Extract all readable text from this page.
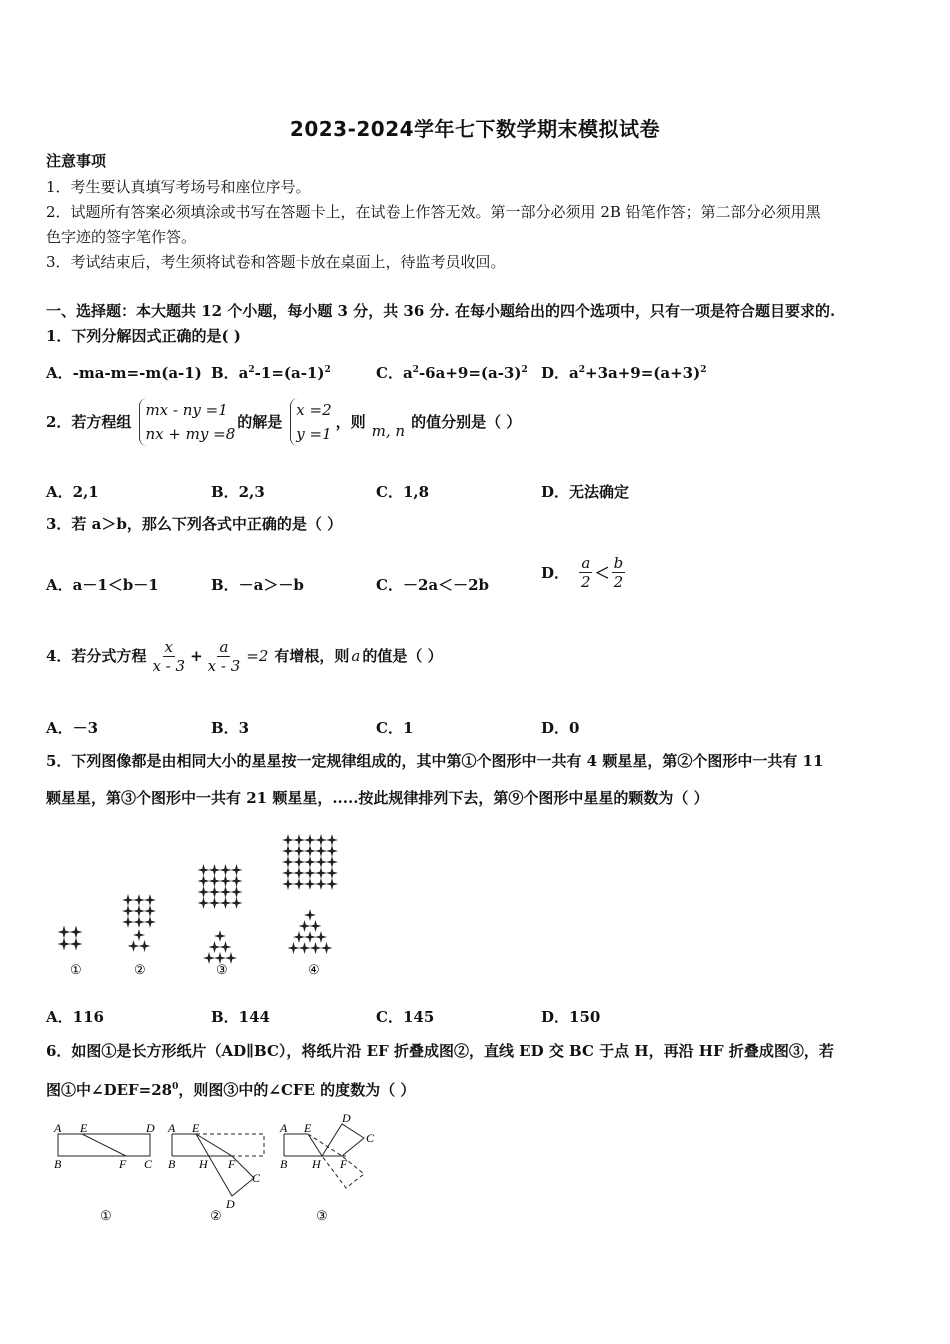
2023-2024学年七下数学期末模拟试卷
注意事项
1．考生要认真填写考场号和座位序号。
2．试题所有答案必须填涂或书写在答题卡上，在试卷上作答无效。第一部分必须用 2B 铅笔作答；第二部分必须用黑
色字迹的签字笔作答。
3．考试结束后，考生须将试卷和答题卡放在桌面上，待监考员收回。
一、选择题：本大题共 12 个小题，每小题 3 分，共 36 分. 在每小题给出的四个选项中，只有一项是符合题目要求的.
1．下列分解因式正确的是( )
A．-ma-m=-m(a-1) B．$a^2-1=(a-1)^2$	C．$a^2-6a+9=(a-3)^2$ D．$a^2+3a+9=(a+3)^2$
2．若方程组
mx - ny =1
nx + my =8
的解是
x =2
y =1
，则 m, n 的值分别是（ ）
A．2,1	B．2,3	C．1,8	D．无法确定
3．若 a＞b，那么下列各式中正确的是（ ）
A．a－1＜b－1	B．－a＞－b	C．－2a＜－2b
D． $\frac{a}{2} < \frac{b}{2}$
4．若分式方程 $\frac{x}{x - 3} + \frac{a}{x - 3} =2$ 有增根，则 a 的值是（ ）
A．－3	B．3	C．1	D．0
5．下列图像都是由相同大小的星星按一定规律组成的，其中第①个图形中一共有 4 颗星星，第②个图形中一共有 11
颗星星，第③个图形中一共有 21 颗星星，.....按此规律排列下去，第⑨个图形中星星的颗数为（ ）
①	②	③	④
A．116	B．144	C．145	D．150
6．如图①是长方形纸片（AD∥BC），将纸片沿 EF 折叠成图②，直线 ED 交 BC 于点 H，再沿 HF 折叠成图③，若
图①中$\angle DEF=28^0$，则图③中的∠CFE 的度数为（ ）
A E	D
B	F C
A E
B H F
C
D
A E
D
C
B H F
①	②	③
